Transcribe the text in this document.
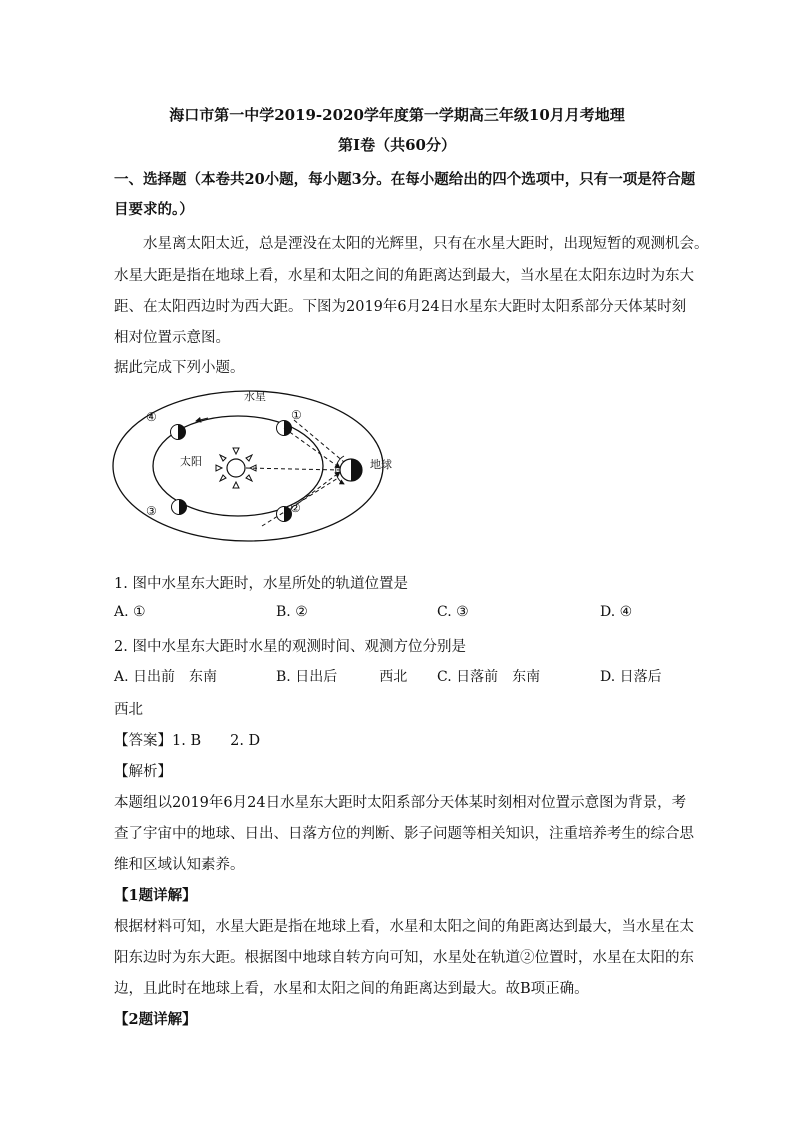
海口市第一中学2019-2020学年度第一学期高三年级10月月考地理
第Ⅰ卷（共60分）
一、选择题（本卷共20小题，每小题3分。在每小题给出的四个选项中，只有一项是符合题
目要求的。）
水星离太阳太近，总是湮没在太阳的光辉里，只有在水星大距时，出现短暂的观测机会。
水星大距是指在地球上看，水星和太阳之间的角距离达到最大，当水星在太阳东边时为东大
距、在太阳西边时为西大距。下图为2019年6月24日水星东大距时太阳系部分天体某时刻
相对位置示意图。
据此完成下列小题。
太阳
水星
①
②
③
④
地球
1. 图中水星东大距时，水星所处的轨道位置是
A. ①	B. ②	C. ③	D. ④
2. 图中水星东大距时水星的观测时间、观测方位分别是
A. 日出前　东南	B. 日出后　　　西北 C. 日落前　东南	D. 日落后
西北
【答案】1. B　　2. D
【解析】
本题组以2019年6月24日水星东大距时太阳系部分天体某时刻相对位置示意图为背景，考
查了宇宙中的地球、日出、日落方位的判断、影子问题等相关知识，注重培养考生的综合思
维和区域认知素养。
【1题详解】
根据材料可知，水星大距是指在地球上看，水星和太阳之间的角距离达到最大，当水星在太
阳东边时为东大距。根据图中地球自转方向可知，水星处在轨道②位置时，水星在太阳的东
边，且此时在地球上看，水星和太阳之间的角距离达到最大。故B项正确。
【2题详解】
